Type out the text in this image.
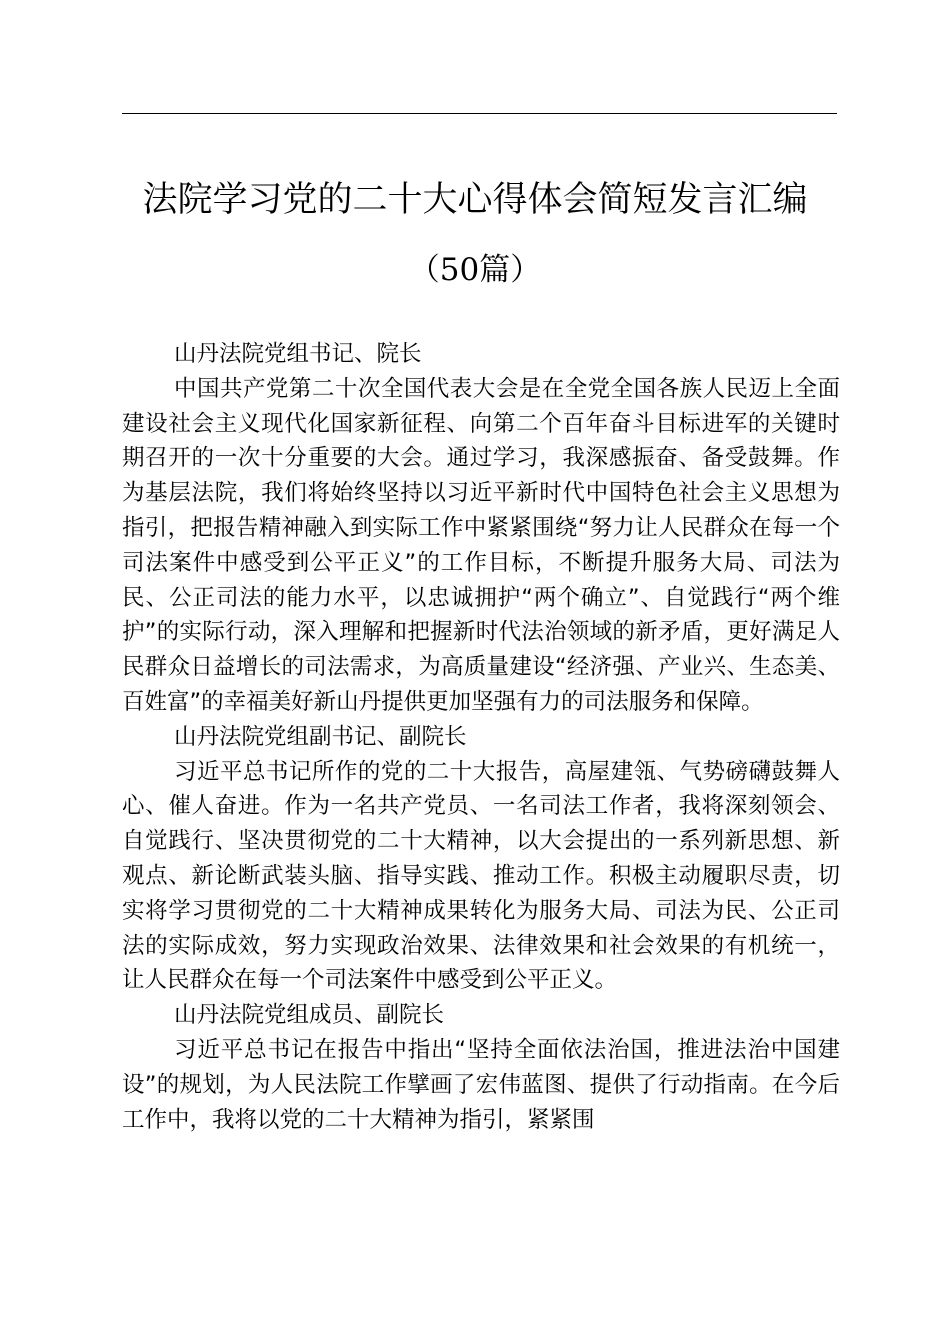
法院学习党的二十大心得体会简短发言汇编
（50篇）

山丹法院党组书记、院长

中国共产党第二十次全国代表大会是在全党全国各族人民迈上全面建设社会主义现代化国家新征程、向第二个百年奋斗目标进军的关键时期召开的一次十分重要的大会。通过学习，我深感振奋、备受鼓舞。作为基层法院，我们将始终坚持以习近平新时代中国特色社会主义思想为指引，把报告精神融入到实际工作中紧紧围绕“努力让人民群众在每一个司法案件中感受到公平正义”的工作目标，不断提升服务大局、司法为民、公正司法的能力水平，以忠诚拥护“两个确立”、自觉践行“两个维护”的实际行动，深入理解和把握新时代法治领域的新矛盾，更好满足人民群众日益增长的司法需求，为高质量建设“经济强、产业兴、生态美、百姓富”的幸福美好新山丹提供更加坚强有力的司法服务和保障。

山丹法院党组副书记、副院长

习近平总书记所作的党的二十大报告，高屋建瓴、气势磅礴鼓舞人心、催人奋进。作为一名共产党员、一名司法工作者，我将深刻领会、自觉践行、坚决贯彻党的二十大精神，以大会提出的一系列新思想、新观点、新论断武装头脑、指导实践、推动工作。积极主动履职尽责，切实将学习贯彻党的二十大精神成果转化为服务大局、司法为民、公正司法的实际成效，努力实现政治效果、法律效果和社会效果的有机统一，让人民群众在每一个司法案件中感受到公平正义。

山丹法院党组成员、副院长

习近平总书记在报告中指出“坚持全面依法治国，推进法治中国建设”的规划，为人民法院工作擘画了宏伟蓝图、提供了行动指南。在今后工作中，我将以党的二十大精神为指引，紧紧围
